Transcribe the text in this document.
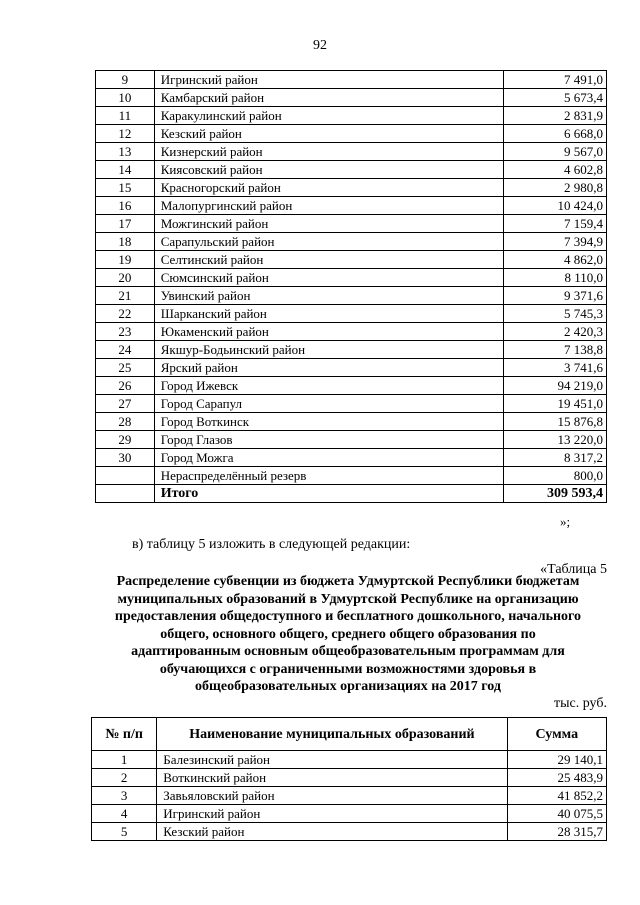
92
9	Игринский район	7 491,0
10	Камбарский район	5 673,4
11	Каракулинский район	2 831,9
12	Кезский район	6 668,0
13	Кизнерский район	9 567,0
14	Киясовский район	4 602,8
15	Красногорский район	2 980,8
16	Малопургинский район	10 424,0
17	Можгинский район	7 159,4
18	Сарапульский район	7 394,9
19	Селтинский район	4 862,0
20	Сюмсинский район	8 110,0
21	Увинский район	9 371,6
22	Шарканский район	5 745,3
23	Юкаменский район	2 420,3
24	Якшур-Бодьинский район	7 138,8
25	Ярский район	3 741,6
26	Город Ижевск	94 219,0
27	Город Сарапул	19 451,0
28	Город Воткинск	15 876,8
29	Город Глазов	13 220,0
30	Город Можга	8 317,2
	Нераспределённый резерв	800,0
	Итого	309 593,4
»;
в) таблицу 5 изложить в следующей редакции:
«Таблица 5
Распределение субвенции из бюджета Удмуртской Республики бюджетам
муниципальных образований в Удмуртской Республике на организацию
предоставления общедоступного и бесплатного дошкольного, начального
общего, основного общего, среднего общего образования по
адаптированным основным общеобразовательным программам для
обучающихся с ограниченными возможностями здоровья в
общеобразовательных организациях на 2017 год
тыс. руб.
№ п/п	Наименование муниципальных образований	Сумма
1	Балезинский район	29 140,1
2	Воткинский район	25 483,9
3	Завьяловский район	41 852,2
4	Игринский район	40 075,5
5	Кезский район	28 315,7
